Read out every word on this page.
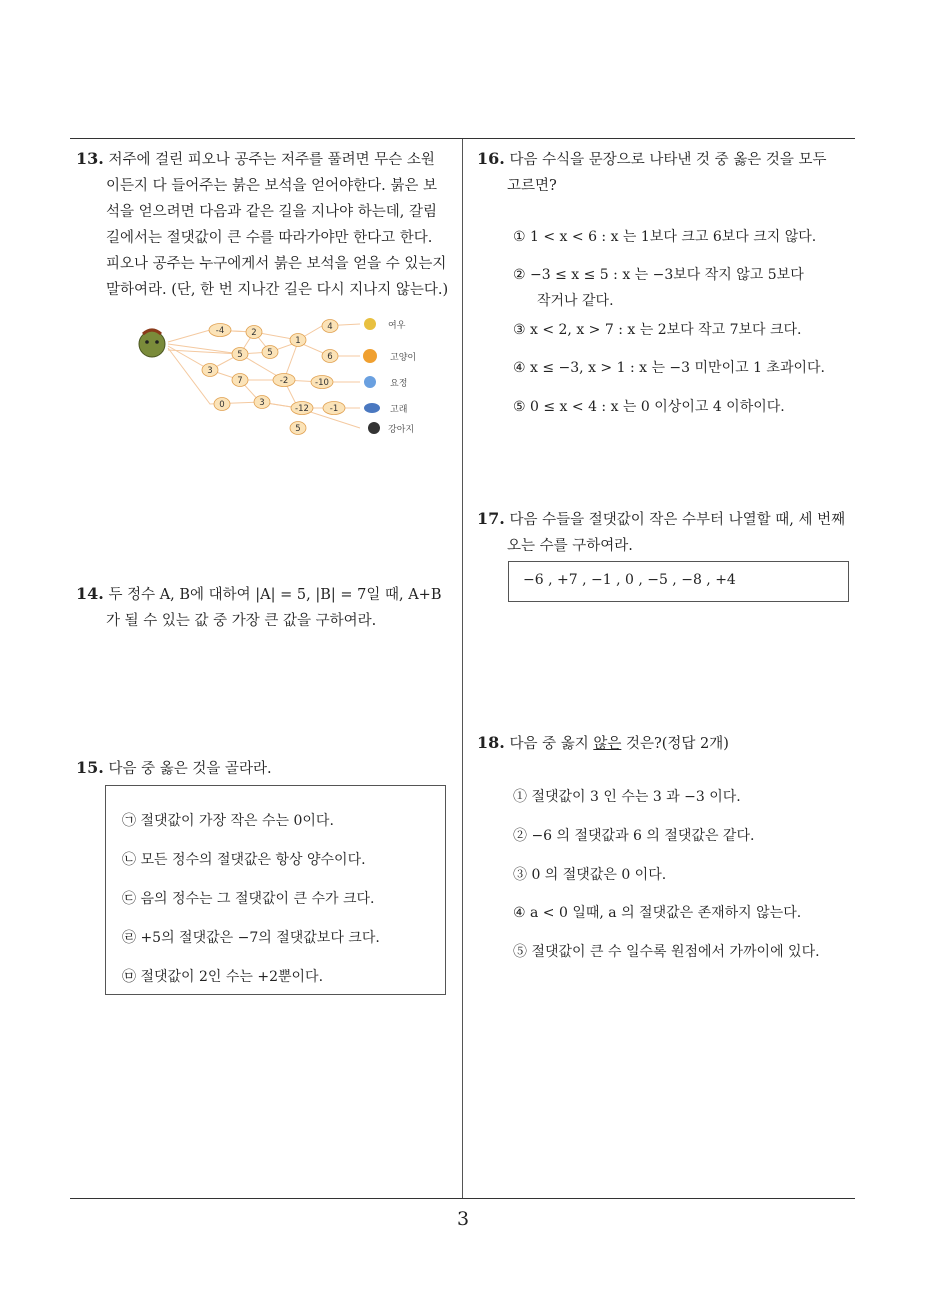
13. 저주에 걸린 피오나 공주는 저주를 풀려면 무슨 소원
이든지 다 들어주는 붉은 보석을 얻어야한다. 붉은 보
석을 얻으려면 다음과 같은 길을 지나야 하는데, 갈림
길에서는 절댓값이 큰 수를 따라가야만 한다고 한다.
피오나 공주는 누구에게서 붉은 보석을 얻을 수 있는지
말하여라. (단, 한 번 지나간 길은 다시 지나지 않는다.)
-4	2
1
5	5
4
6
3
7	-2	-10
0	3
-12 -1
5
여우
고양이
요정
고래
강아지
14. 두 정수 A, B에 대하여 |A| = 5, |B| = 7일 때, A+B
가 될 수 있는 값 중 가장 큰 값을 구하여라.
15. 다음 중 옳은 것을 골라라.
㉠ 절댓값이 가장 작은 수는 0이다.
㉡ 모든 정수의 절댓값은 항상 양수이다.
㉢ 음의 정수는 그 절댓값이 큰 수가 크다.
㉣ +5의 절댓값은 −7의 절댓값보다 크다.
㉤ 절댓값이 2인 수는 +2뿐이다.
16. 다음 수식을 문장으로 나타낸 것 중 옳은 것을 모두
고르면?
① 1 < x < 6 : x 는 1보다 크고 6보다 크지 않다.
② −3 ≤ x ≤ 5 : x 는 −3보다 작지 않고 5보다
작거나 같다.
③ x < 2, x > 7 : x 는 2보다 작고 7보다 크다.
④ x ≤ −3, x > 1 : x 는 −3 미만이고 1 초과이다.
⑤ 0 ≤ x < 4 : x 는 0 이상이고 4 이하이다.
17. 다음 수들을 절댓값이 작은 수부터 나열할 때, 세 번째
오는 수를 구하여라.
−6 , +7 , −1 , 0 , −5 , −8 , +4
18. 다음 중 옳지 않은 것은?(정답 2개)
① 절댓값이 3 인 수는 3 과 −3 이다.
② −6 의 절댓값과 6 의 절댓값은 같다.
③ 0 의 절댓값은 0 이다.
④ a < 0 일때, a 의 절댓값은 존재하지 않는다.
⑤ 절댓값이 큰 수 일수록 원점에서 가까이에 있다.
3
